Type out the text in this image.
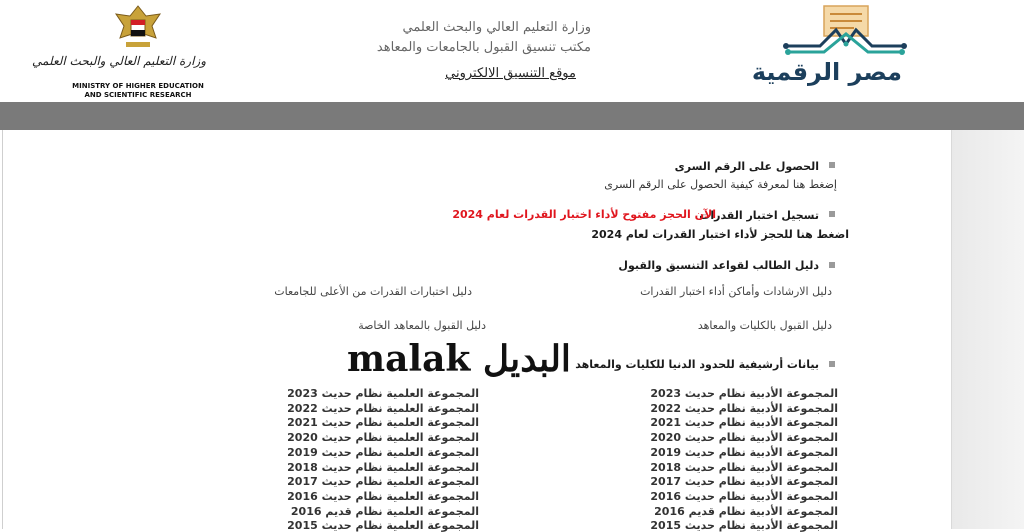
مصر الرقمية
وزارة التعليم العالي والبحث العلمي
مكتب تنسيق القبول بالجامعات والمعاهد
موقع التنسيق الالكتروني
وزارة التعليم العالي والبحث العلمي
MINISTRY OF HIGHER EDUCATION
AND SCIENTIFIC RESEARCH
الحصول على الرقم السرى
إضغط هنا لمعرفة كيفية الحصول على الرقم السرى
تسجيل اختبار القدرات
الآن الحجز مفتوح لأداء اختبار القدرات لعام 2024
اضغط هنا للحجز لأداء اختبار القدرات لعام 2024
دليل الطالب لقواعد التنسيق والقبول
دليل الارشادات وأماكن أداء اختبار القدرات
دليل اختبارات القدرات من الأعلى للجامعات
دليل القبول بالكليات والمعاهد
دليل القبول بالمعاهد الخاصة
malak البديل بيانات أرشيفية للحدود الدنيا للكليات والمعاهد
المجموعة الأدبية نظام حديث 2023
المجموعة الأدبية نظام حديث 2022
المجموعة الأدبية نظام حديث 2021
المجموعة الأدبية نظام حديث 2020
المجموعة الأدبية نظام حديث 2019
المجموعة الأدبية نظام حديث 2018
المجموعة الأدبية نظام حديث 2017
المجموعة الأدبية نظام حديث 2016
المجموعة الأدبية نظام قديم 2016
المجموعة الأدبية نظام حديث 2015
المجموعة العلمية نظام حديث 2023
المجموعة العلمية نظام حديث 2022
المجموعة العلمية نظام حديث 2021
المجموعة العلمية نظام حديث 2020
المجموعة العلمية نظام حديث 2019
المجموعة العلمية نظام حديث 2018
المجموعة العلمية نظام حديث 2017
المجموعة العلمية نظام حديث 2016
المجموعة العلمية نظام قديم 2016
المجموعة العلمية نظام حديث 2015
